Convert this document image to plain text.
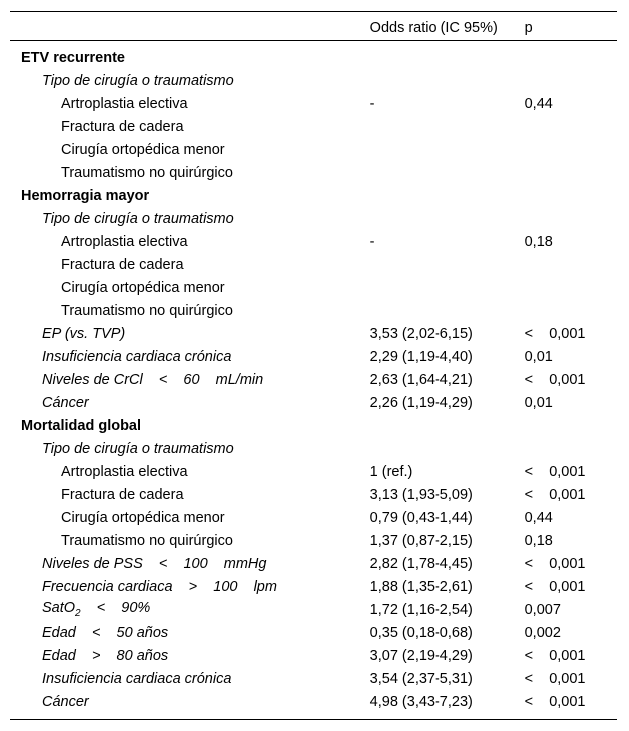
	Odds ratio (IC 95%)	p

ETV recurrente		
Tipo de cirugía o traumatismo		
Artroplastia electiva	-	0,44
Fractura de cadera		
Cirugía ortopédica menor		
Traumatismo no quirúrgico		
Hemorragia mayor		
Tipo de cirugía o traumatismo		
Artroplastia electiva	-	0,18
Fractura de cadera		
Cirugía ortopédica menor		
Traumatismo no quirúrgico		
EP (vs. TVP)	3,53 (2,02-6,15)	<    0,001
Insuficiencia cardiaca crónica	2,29 (1,19-4,40)	0,01
Niveles de CrCl    <    60    mL/min	2,63 (1,64-4,21)	<    0,001
Cáncer	2,26 (1,19-4,29)	0,01
Mortalidad global		
Tipo de cirugía o traumatismo		
Artroplastia electiva	1 (ref.)	<    0,001
Fractura de cadera	3,13 (1,93-5,09)	<    0,001
Cirugía ortopédica menor	0,79 (0,43-1,44)	0,44
Traumatismo no quirúrgico	1,37 (0,87-2,15)	0,18
Niveles de PSS    <    100    mmHg	2,82 (1,78-4,45)	<    0,001
Frecuencia cardiaca    >    100    lpm	1,88 (1,35-2,61)	<    0,001
SatO$_2$    <    90%	1,72 (1,16-2,54)	0,007
Edad    <    50 años	0,35 (0,18-0,68)	0,002
Edad    >    80 años	3,07 (2,19-4,29)	<    0,001
Insuficiencia cardiaca crónica	3,54 (2,37-5,31)	<    0,001
Cáncer	4,98 (3,43-7,23)	<    0,001
